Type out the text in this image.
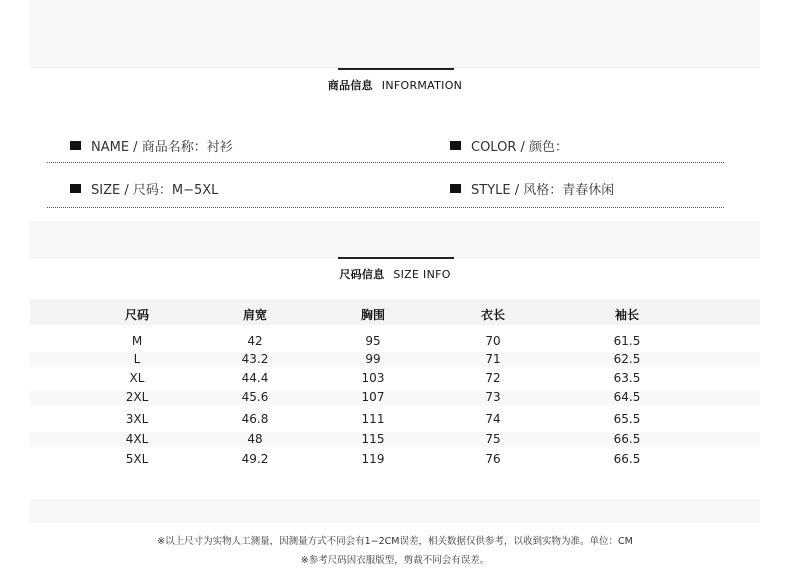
商品信息 INFORMATION
NAME / 商品名称：衬衫	COLOR / 颜色：
SIZE / 尺码：M−5XL	STYLE / 风格：青春休闲
尺码信息 SIZE INFO
尺码	肩宽	胸围	衣长	袖长
M	42	95	70	61.5
L	43.2	99	71	62.5
XL	44.4	103	72	63.5
2XL	45.6	107	73	64.5
3XL	46.8	111	74	65.5
4XL	48	115	75	66.5
5XL	49.2	119	76	66.5
※以上尺寸为实物人工测量，因测量方式不同会有1−2CM误差，相关数据仅供参考，以收到实物为准。单位：CM
※参考尺码因衣服版型，剪裁不同会有误差。
